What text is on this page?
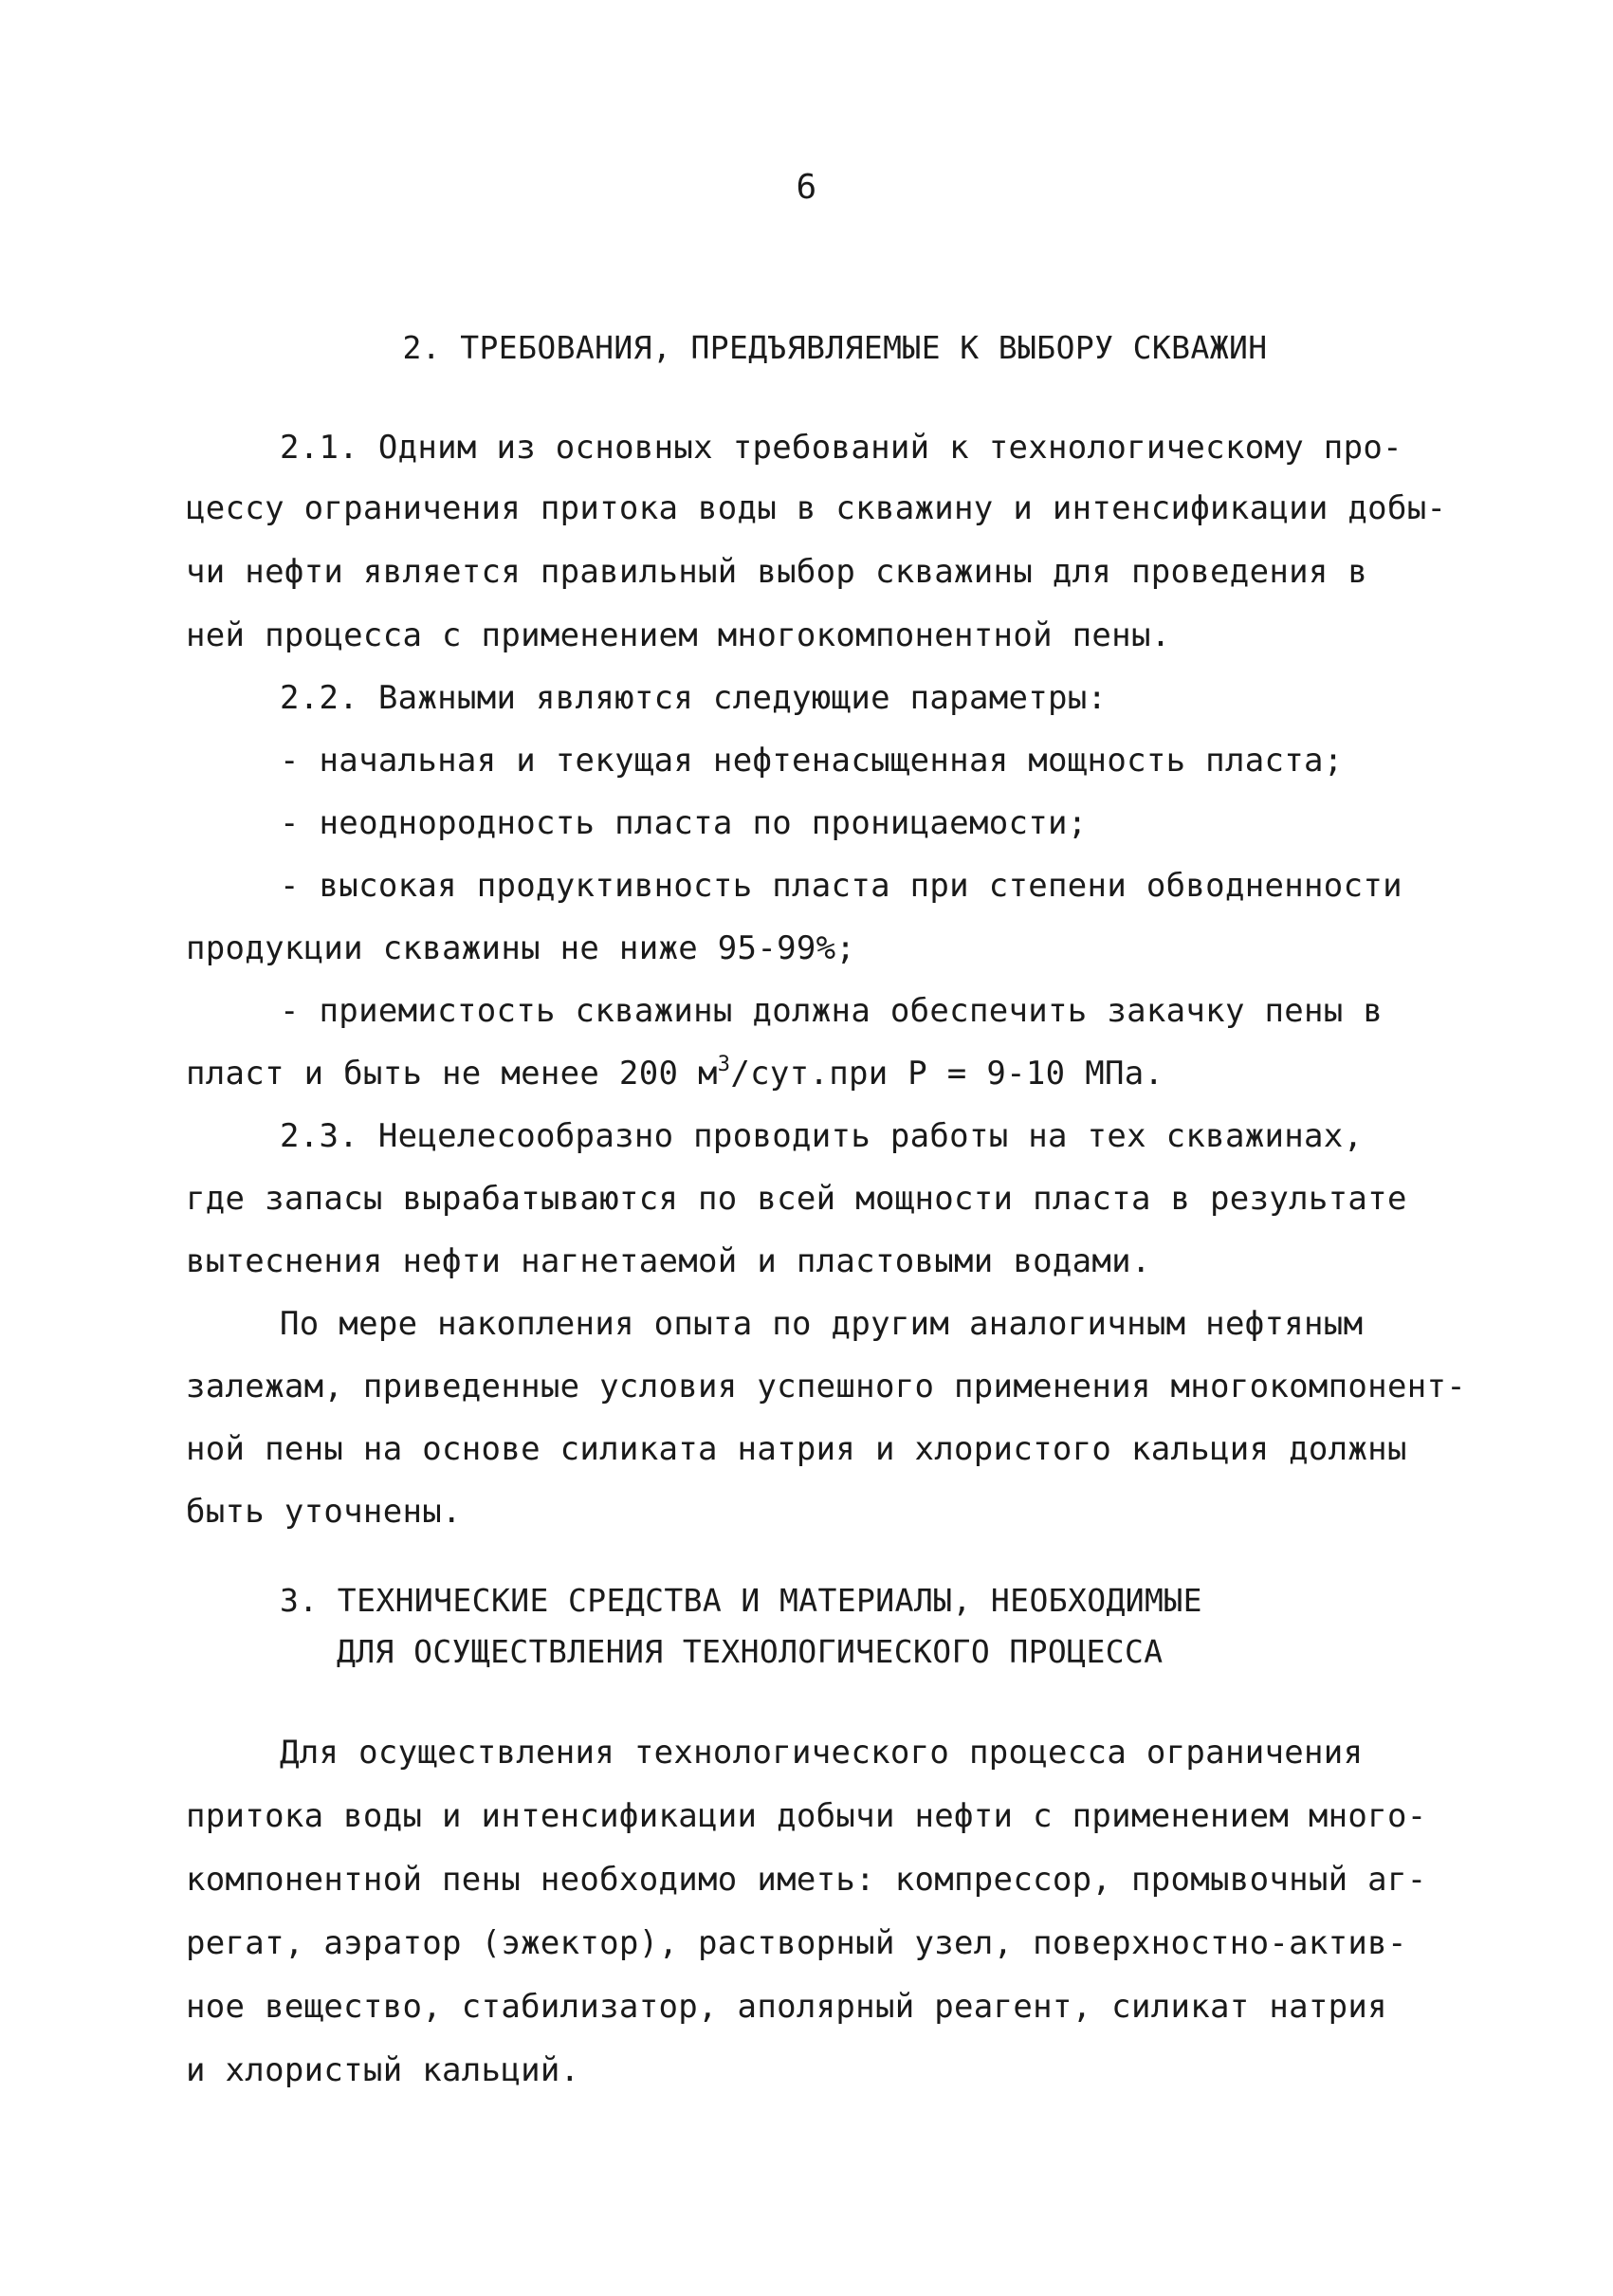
6
2. ТРЕБОВАНИЯ, ПРЕДЪЯВЛЯЕМЫЕ К ВЫБОРУ СКВАЖИН
2.1. Одним из основных требований к технологическому про-
цессу ограничения притока воды в скважину и интенсификации добы-
чи нефти является правильный выбор скважины для проведения в
ней процесса с применением многокомпонентной пены.
2.2. Важными являются следующие параметры:
- начальная и текущая нефтенасыщенная мощность пласта;
- неоднородность пласта по проницаемости;
- высокая продуктивность пласта при степени обводненности
продукции скважины не ниже 95-99%;
- приемистость скважины должна обеспечить закачку пены в
пласт и быть не менее 200 $м^3/сут.при$ Р = 9-10 МПа.
2.3. Нецелесообразно проводить работы на тех скважинах,
где запасы вырабатываются по всей мощности пласта в результате
вытеснения нефти нагнетаемой и пластовыми водами.
По мере накопления опыта по другим аналогичным нефтяным
залежам, приведенные условия успешного применения многокомпонент-
ной пены на основе силиката натрия и хлористого кальция должны
быть уточнены.
3. ТЕХНИЧЕСКИЕ СРЕДСТВА И МАТЕРИАЛЫ, НЕОБХОДИМЫЕ
ДЛЯ ОСУЩЕСТВЛЕНИЯ ТЕХНОЛОГИЧЕСКОГО ПРОЦЕССА
Для осуществления технологического процесса ограничения
притока воды и интенсификации добычи нефти с применением много-
компонентной пены необходимо иметь: компрессор, промывочный аг-
регат, аэратор (эжектор), растворный узел, поверхностно-актив-
ное вещество, стабилизатор, аполярный реагент, силикат натрия
и хлористый кальций.
